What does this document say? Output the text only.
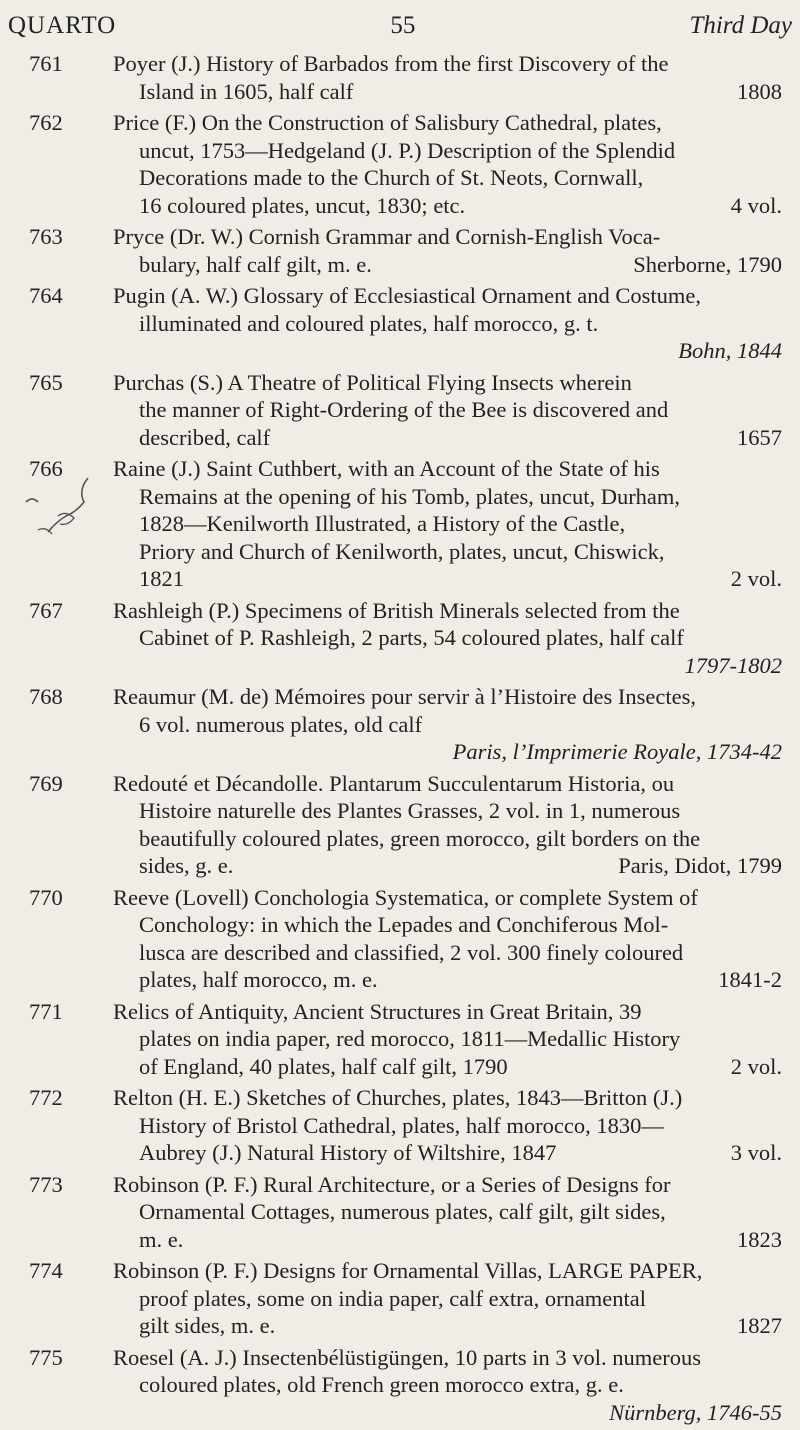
QUARTO	55	Third Day
761	Poyer (J.) History of Barbados from the first Discovery of the
Island in 1605, half calf	1808
762	Price (F.) On the Construction of Salisbury Cathedral, plates,
uncut, 1753—Hedgeland (J. P.) Description of the Splendid
Decorations made to the Church of St. Neots, Cornwall,
16 coloured plates, uncut, 1830; etc.	4 vol.
763	Pryce (Dr. W.) Cornish Grammar and Cornish-English Voca-
bulary, half calf gilt, m. e.	Sherborne, 1790
764	Pugin (A. W.) Glossary of Ecclesiastical Ornament and Costume,
illuminated and coloured plates, half morocco, g. t.
Bohn, 1844
765	Purchas (S.) A Theatre of Political Flying Insects wherein
the manner of Right-Ordering of the Bee is discovered and
described, calf	1657
766	Raine (J.) Saint Cuthbert, with an Account of the State of his
Remains at the opening of his Tomb, plates, uncut, Durham,
1828—Kenilworth Illustrated, a History of the Castle,
Priory and Church of Kenilworth, plates, uncut, Chiswick,
1821	2 vol.
767	Rashleigh (P.) Specimens of British Minerals selected from the
Cabinet of P. Rashleigh, 2 parts, 54 coloured plates, half calf
1797-1802
768	Reaumur (M. de) Mémoires pour servir à l’Histoire des Insectes,
6 vol. numerous plates, old calf
Paris, l’Imprimerie Royale, 1734-42
769	Redouté et Décandolle. Plantarum Succulentarum Historia, ou
Histoire naturelle des Plantes Grasses, 2 vol. in 1, numerous
beautifully coloured plates, green morocco, gilt borders on the
sides, g. e.	Paris, Didot, 1799
770	Reeve (Lovell) Conchologia Systematica, or complete System of
Conchology: in which the Lepades and Conchiferous Mol-
lusca are described and classified, 2 vol. 300 finely coloured
plates, half morocco, m. e.	1841-2
771	Relics of Antiquity, Ancient Structures in Great Britain, 39
plates on india paper, red morocco, 1811—Medallic History
of England, 40 plates, half calf gilt, 1790	2 vol.
772	Relton (H. E.) Sketches of Churches, plates, 1843—Britton (J.)
History of Bristol Cathedral, plates, half morocco, 1830—
Aubrey (J.) Natural History of Wiltshire, 1847	3 vol.
773	Robinson (P. F.) Rural Architecture, or a Series of Designs for
Ornamental Cottages, numerous plates, calf gilt, gilt sides,
m. e.	1823
774	Robinson (P. F.) Designs for Ornamental Villas, LARGE PAPER,
proof plates, some on india paper, calf extra, ornamental
gilt sides, m. e.	1827
775	Roesel (A. J.) Insectenbélüstigüngen, 10 parts in 3 vol. numerous
coloured plates, old French green morocco extra, g. e.
Nürnberg, 1746-55
